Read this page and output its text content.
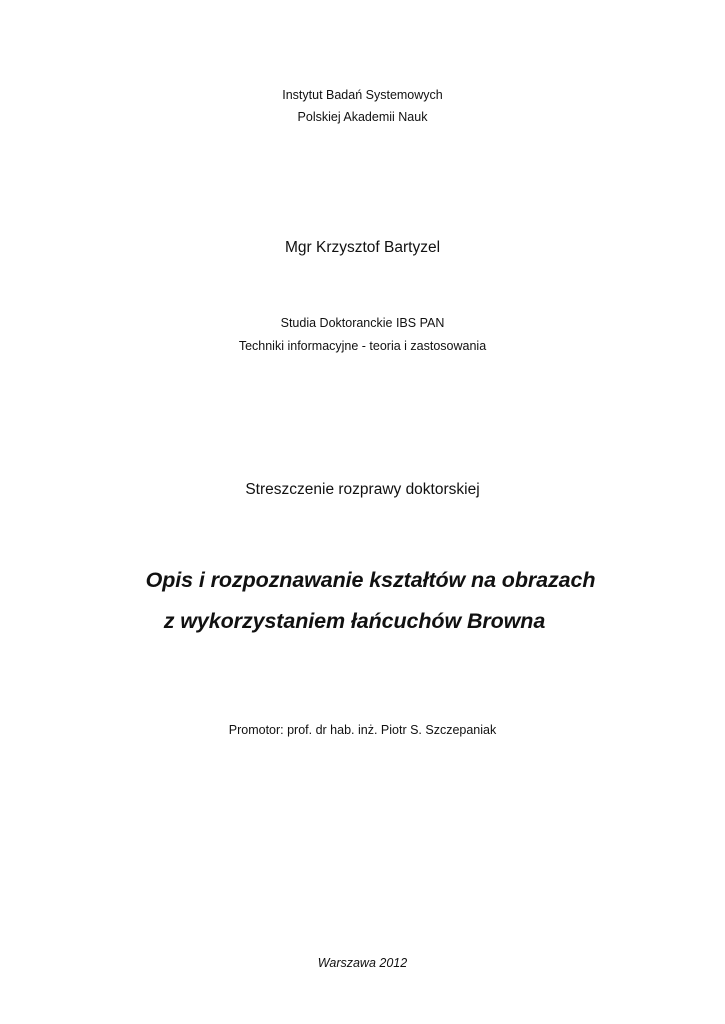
Instytut Badań Systemowych
Polskiej Akademii Nauk
Mgr Krzysztof Bartyzel
Studia Doktoranckie IBS PAN
Techniki informacyjne - teoria i zastosowania
Streszczenie rozprawy doktorskiej
Opis i rozpoznawanie kształtów na obrazach
z wykorzystaniem łańcuchów Browna
Promotor: prof. dr hab. inż. Piotr S. Szczepaniak
Warszawa 2012
